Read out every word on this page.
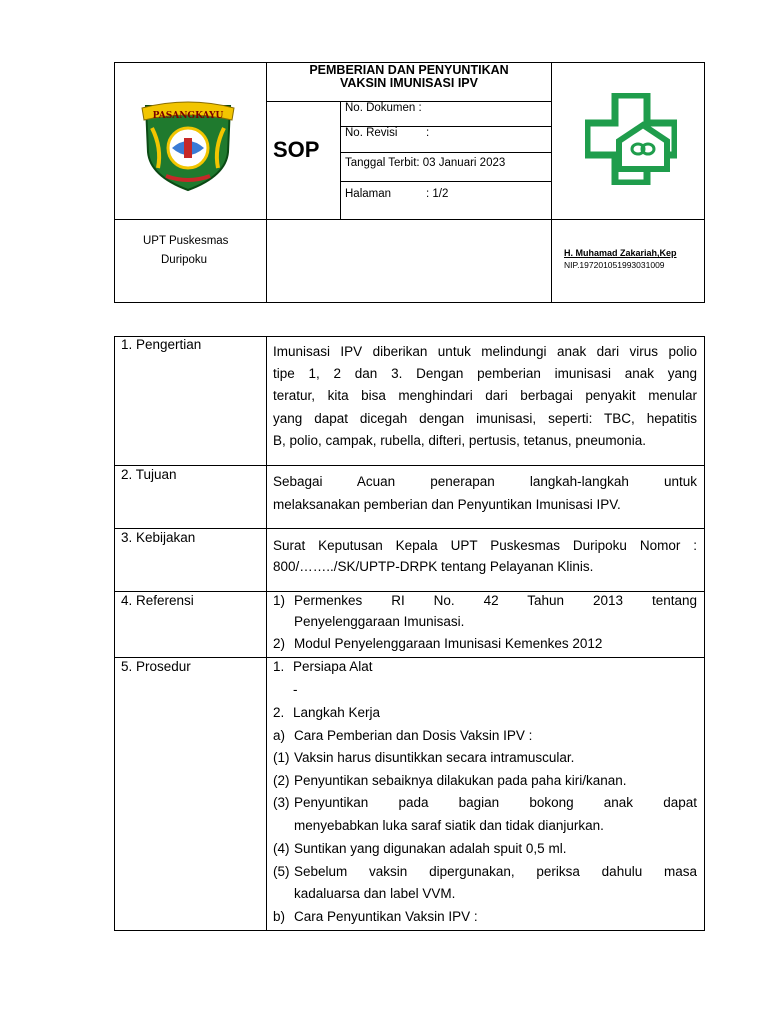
PASANGKAYU
PEMBERIAN DAN PENYUNTIKAN
VAKSIN IMUNISASI IPV
SOP
No. Dokumen :
No. Revisi :
Tanggal Terbit: 03 Januari 2023
Halaman	: 1/2
UPT Puskesmas
Duripoku
H. Muhamad Zakariah,Kep
NIP.197201051993031009
1. Pengertian	Imunisasi IPV diberikan untuk melindungi anak dari virus polio
tipe 1, 2 dan 3. Dengan pemberian imunisasi anak yang
teratur, kita bisa menghindari dari berbagai penyakit menular
yang dapat dicegah dengan imunisasi, seperti: TBC, hepatitis
B, polio, campak, rubella, difteri, pertusis, tetanus, pneumonia.
2. Tujuan	Sebagai Acuan penerapan langkah-langkah untuk
melaksanakan pemberian dan Penyuntikan Imunisasi IPV.
3. Kebijakan
Surat Keputusan Kepala UPT Puskesmas Duripoku Nomor :
800/……../SK/UPTP-DRPK tentang Pelayanan Klinis.
4. Referensi	1) Permenkes RI No. 42 Tahun 2013 tentang
Penyelenggaraan Imunisasi.
2) Modul Penyelenggaraan Imunisasi Kemenkes 2012
5. Prosedur	1. Persiapa Alat
-
2. Langkah Kerja
a) Cara Pemberian dan Dosis Vaksin IPV :
(1) Vaksin harus disuntikkan secara intramuscular.
(2) Penyuntikan sebaiknya dilakukan pada paha kiri/kanan.
(3) Penyuntikan pada bagian bokong anak dapat
menyebabkan luka saraf siatik dan tidak dianjurkan.
(4) Suntikan yang digunakan adalah spuit 0,5 ml.
(5) Sebelum vaksin dipergunakan, periksa dahulu masa
kadaluarsa dan label VVM.
b) Cara Penyuntikan Vaksin IPV :
